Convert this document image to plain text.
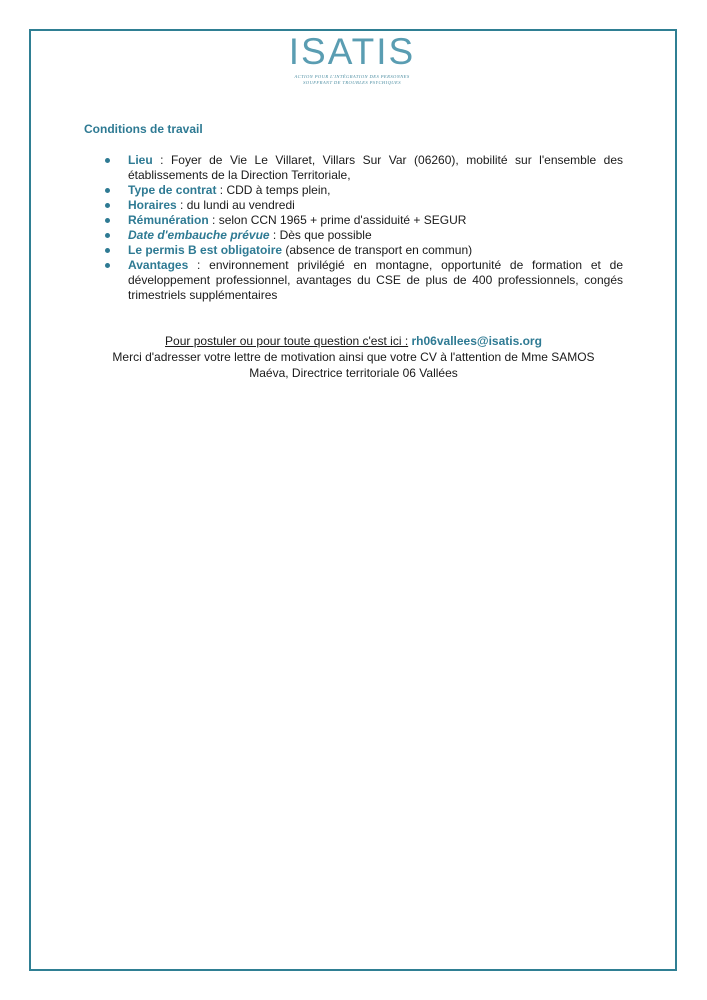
ISATIS
ACTION POUR L'INTÉGRATION DES PERSONNES
SOUFFRANT DE TROUBLES PSYCHIQUES
Conditions de travail
Lieu : Foyer de Vie Le Villaret, Villars Sur Var (06260), mobilité sur l'ensemble des établissements de la Direction Territoriale,
Type de contrat : CDD à temps plein,
Horaires : du lundi au vendredi
Rémunération : selon CCN 1965 + prime d'assiduité + SEGUR
Date d'embauche prévue : Dès que possible
Le permis B est obligatoire (absence de transport en commun)
Avantages : environnement privilégié en montagne, opportunité de formation et de développement professionnel, avantages du CSE de plus de 400 professionnels, congés trimestriels supplémentaires
Pour postuler ou pour toute question c'est ici : rh06vallees@isatis.org
Merci d'adresser votre lettre de motivation ainsi que votre CV à l'attention de Mme SAMOS
Maéva, Directrice territoriale 06 Vallées
